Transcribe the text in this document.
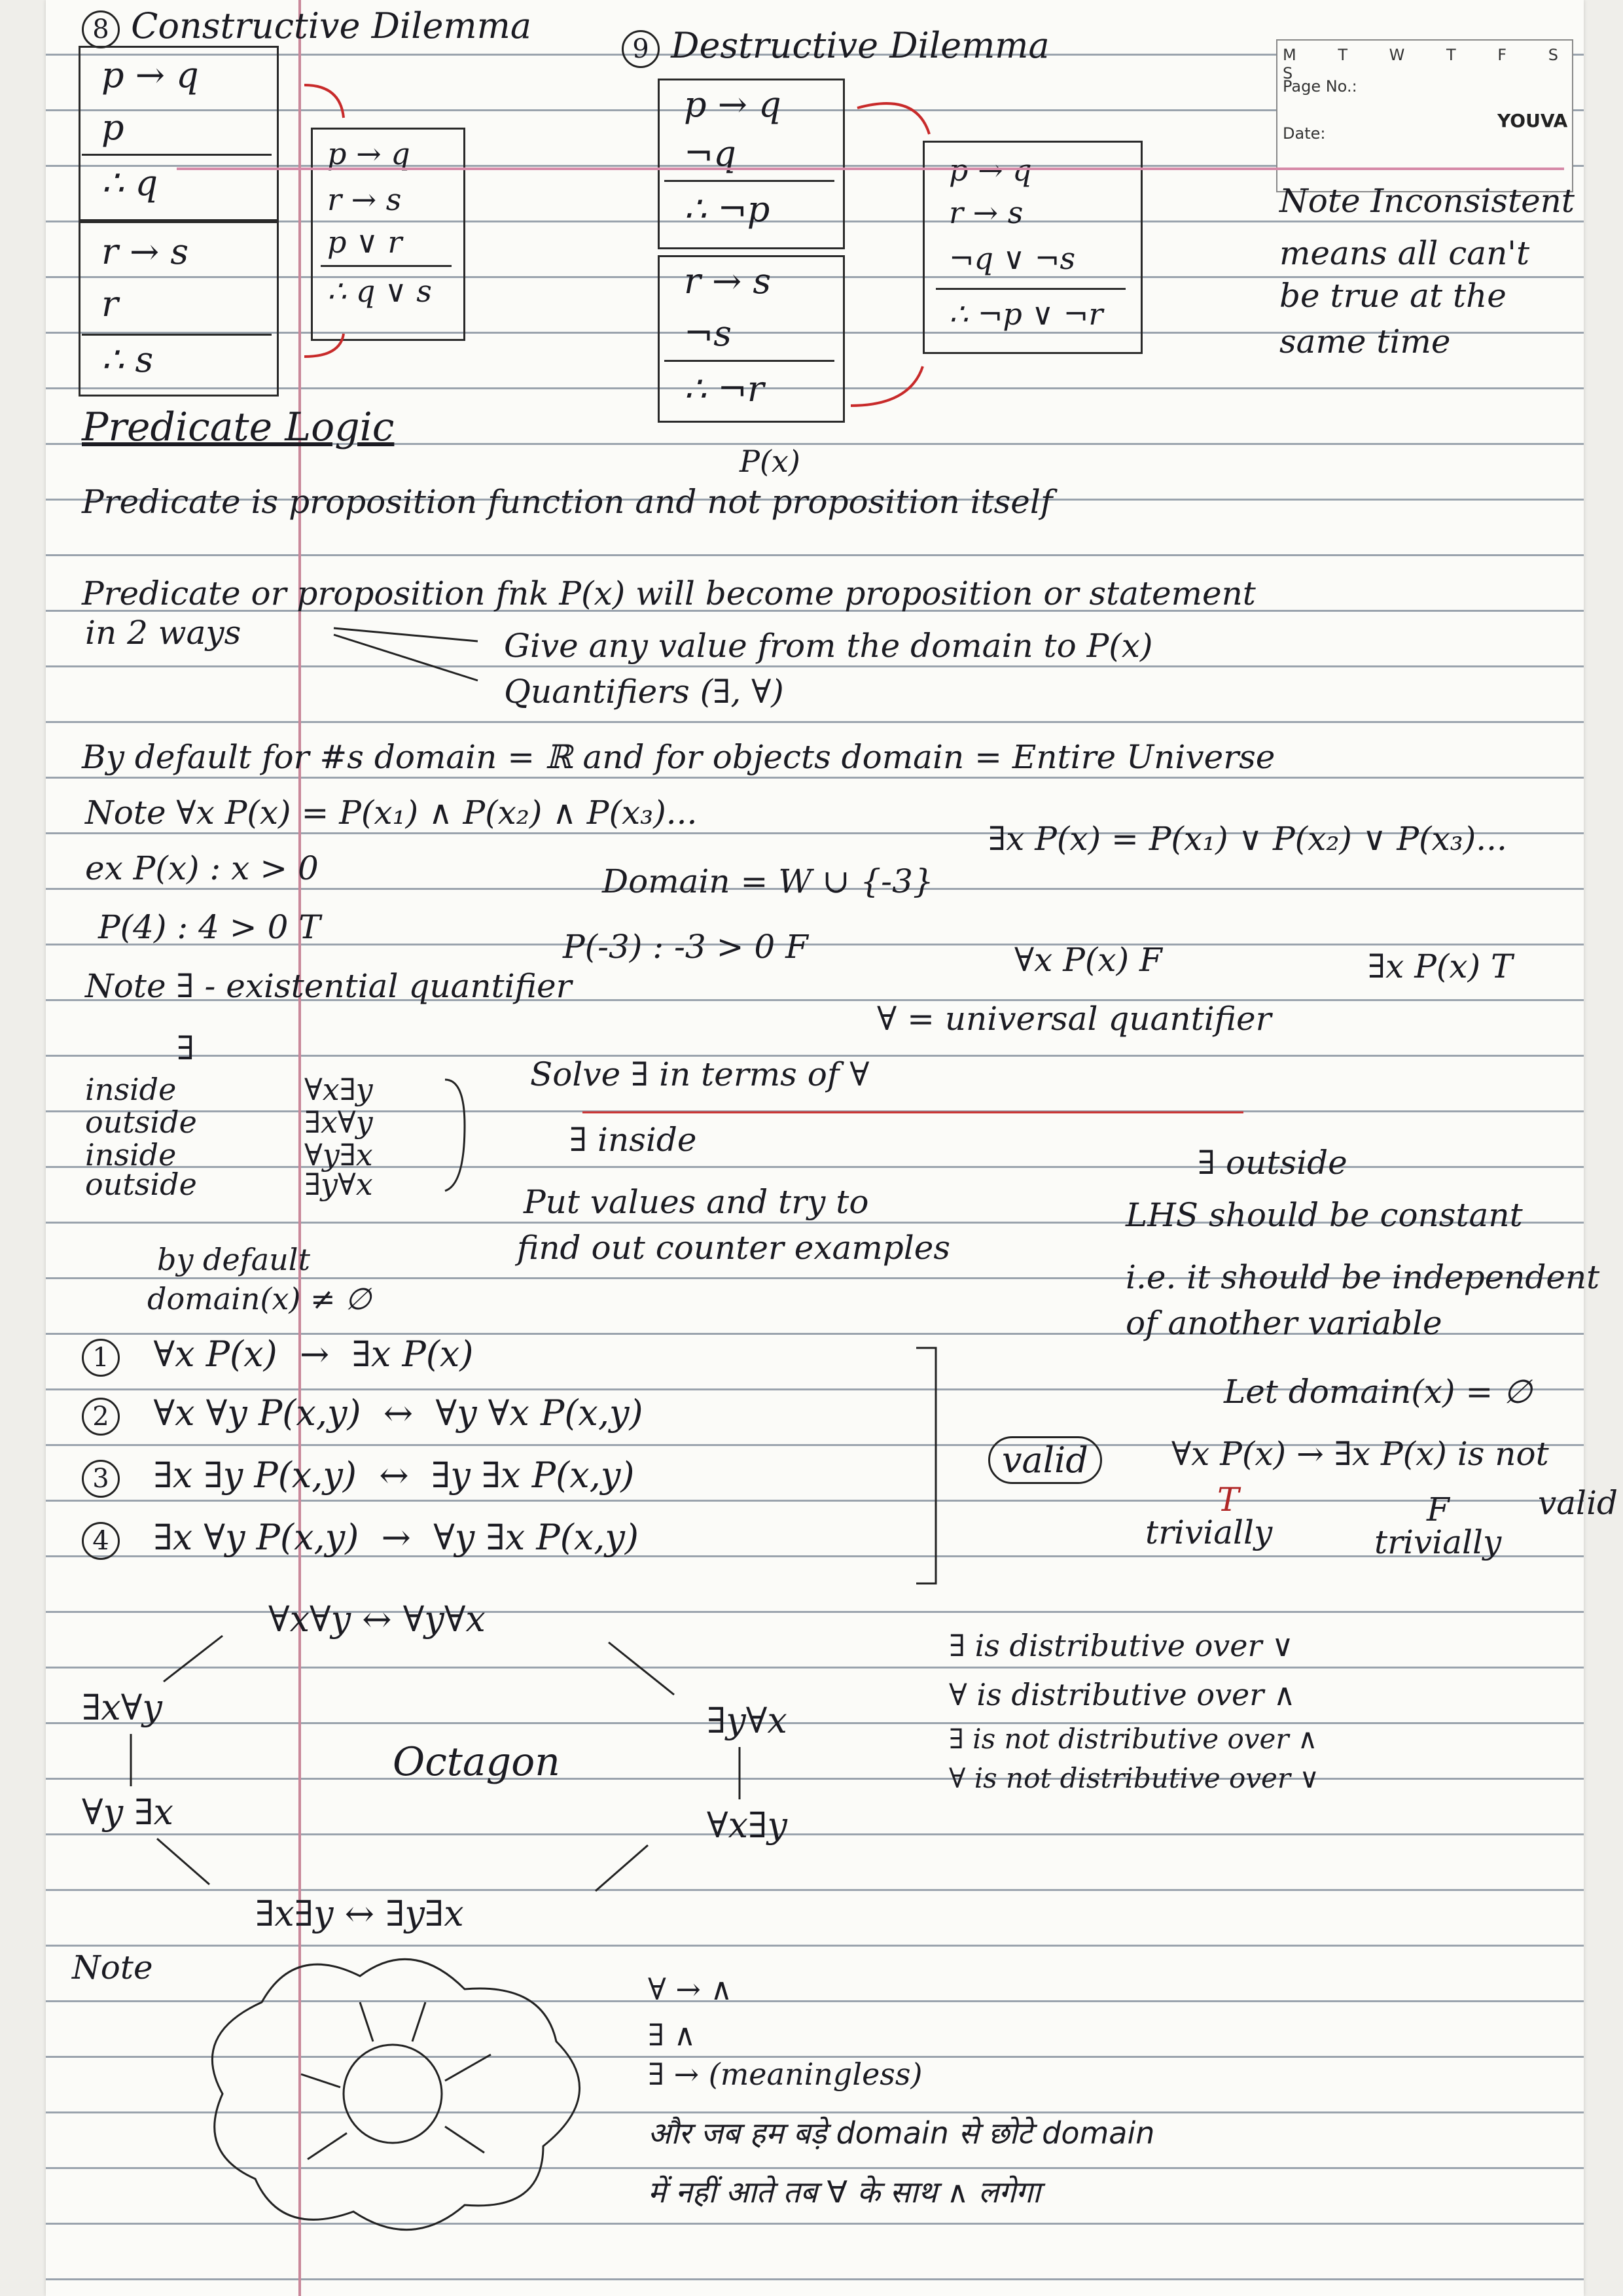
M T W T F S S
Page No.:
Date:
YOUVA
8 Constructive Dilemma
9 Destructive Dilemma
p → q
p
∴ q
r → s
r
∴ s
p → q
r → s
p ∨ r
∴ q ∨ s
p → q
¬q
∴ ¬p
r → s
¬s
∴ ¬r
p → q
r → s
¬q ∨ ¬s
∴ ¬p ∨ ¬r
Note Inconsistent
means all can't
be true at the
same time
Predicate Logic
P(x)
Predicate is proposition function and not proposition itself
Predicate or proposition fnk P(x) will become proposition or statement
in 2 ways	Give any value from the domain to P(x)
Quantifiers (∃, ∀)
By default for #s domain = ℝ and for objects domain = Entire Universe
Note ∀x P(x) = P(x₁) ∧ P(x₂) ∧ P(x₃)...
∃x P(x) = P(x₁) ∨ P(x₂) ∨ P(x₃)...
ex P(x) : x > 0	Domain = W ∪ {-3}
P(4) : 4 > 0 T
P(-3) : -3 > 0 F	∀x P(x) F	∃x P(x) T
Note ∃ - existential quantifier
∀ = universal quantifier
∃
inside	∀x∃y
outside	∃x∀y
inside	∀y∃x
outside	∃y∀x
Solve ∃ in terms of ∀
∃ inside
∃ outside
Put values and try to
find out counter examples
LHS should be constant
i.e. it should be independent
of another variable
by default
domain(x) ≠ ∅
1 ∀x P(x) → ∃x P(x)
2 ∀x ∀y P(x,y) ↔ ∀y ∀x P(x,y)
3 ∃x ∃y P(x,y) ↔ ∃y ∃x P(x,y)
4 ∃x ∀y P(x,y) → ∀y ∃x P(x,y)
valid
Let domain(x) = ∅
∀x P(x) → ∃x P(x) is not
valid
T	F
trivially	trivially
∀x∀y ↔ ∀y∀x
∃x∀y
∀y ∃x
∃y∀x
∀x∃y
∃x∃y ↔ ∃y∃x
Octagon
∃ is distributive over ∨
∀ is distributive over ∧
∃ is not distributive over ∧
∀ is not distributive over ∨
Note
∀ → ∧
∃ ∧
∃ → (meaningless)
और जब हम बड़े domain से छोटे domain
में नहीं आते तब ∀ के साथ ∧ लगेगा
